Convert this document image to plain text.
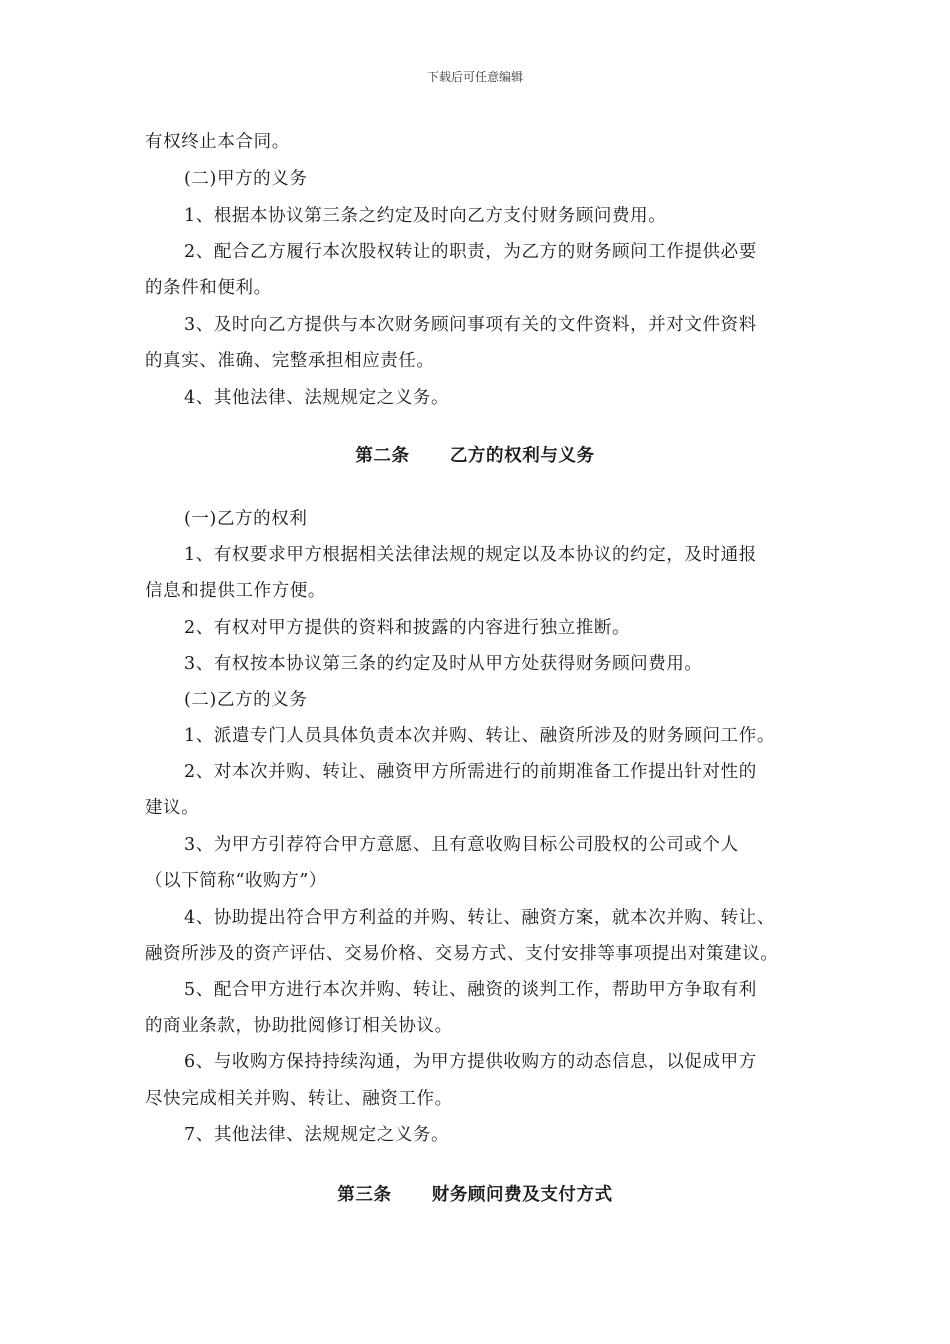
下载后可任意编辑
有权终止本合同。
(二)甲方的义务
1、根据本协议第三条之约定及时向乙方支付财务顾问费用。
2、配合乙方履行本次股权转让的职责，为乙方的财务顾问工作提供必要
的条件和便利。
3、及时向乙方提供与本次财务顾问事项有关的文件资料，并对文件资料
的真实、准确、完整承担相应责任。
4、其他法律、法规规定之义务。
第二条      乙方的权利与义务
(一)乙方的权利
1、有权要求甲方根据相关法律法规的规定以及本协议的约定，及时通报
信息和提供工作方便。
2、有权对甲方提供的资料和披露的内容进行独立推断。
3、有权按本协议第三条的约定及时从甲方处获得财务顾问费用。
(二)乙方的义务
1、派遣专门人员具体负责本次并购、转让、融资所涉及的财务顾问工作。
2、对本次并购、转让、融资甲方所需进行的前期准备工作提出针对性的
建议。
3、为甲方引荐符合甲方意愿、且有意收购目标公司股权的公司或个人
（以下简称“收购方”）
4、协助提出符合甲方利益的并购、转让、融资方案，就本次并购、转让、
融资所涉及的资产评估、交易价格、交易方式、支付安排等事项提出对策建议。
5、配合甲方进行本次并购、转让、融资的谈判工作，帮助甲方争取有利
的商业条款，协助批阅修订相关协议。
6、与收购方保持持续沟通，为甲方提供收购方的动态信息，以促成甲方
尽快完成相关并购、转让、融资工作。
7、其他法律、法规规定之义务。
第三条      财务顾问费及支付方式
